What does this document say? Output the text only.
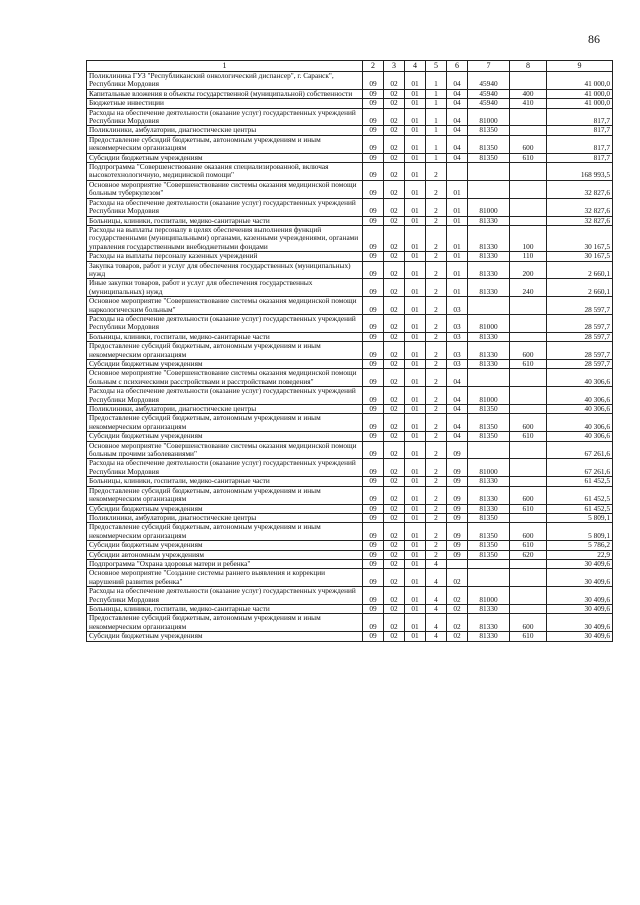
86
1	2	3	4	5	6	7	8	9
Поликлиника ГУЗ "Республиканский онкологический диспансер", г. Саранск", Республики Мордовия	09	02	01	1	04	45940		41 000,0
Капитальные вложения в объекты государственной (муниципальной) собственности	09	02	01	1	04	45940	400	41 000,0
Бюджетные инвестиции	09	02	01	1	04	45940	410	41 000,0
Расходы на обеспечение деятельности (оказание услуг) государственных учреждений Республики Мордовия	09	02	01	1	04	81000		817,7
Поликлиники, амбулатории, диагностические центры	09	02	01	1	04	81350		817,7
Предоставление субсидий бюджетным, автономным учреждениям и иным некоммерческим организациям	09	02	01	1	04	81350	600	817,7
Субсидии бюджетным учреждениям	09	02	01	1	04	81350	610	817,7
Подпрограмма "Совершенствование оказания специализированной, включая высокотехнологичную, медицинской помощи"	09	02	01	2				168 993,5
Основное мероприятие "Совершенствование системы оказания медицинской помощи больным туберкулезом"	09	02	01	2	01			32 827,6
Расходы на обеспечение деятельности (оказание услуг) государственных учреждений Республики Мордовия	09	02	01	2	01	81000		32 827,6
Больницы, клиники, госпитали, медико-санитарные части	09	02	01	2	01	81330		32 827,6
Расходы на выплаты персоналу в целях обеспечения выполнения функций государственными (муниципальными) органами, казенными учреждениями, органами управления государственными внебюджетными фондами	09	02	01	2	01	81330	100	30 167,5
Расходы на выплаты персоналу казенных учреждений	09	02	01	2	01	81330	110	30 167,5
Закупка товаров, работ и услуг для обеспечения государственных (муниципальных) нужд	09	02	01	2	01	81330	200	2 660,1
Иные закупки товаров, работ и услуг для обеспечения государственных (муниципальных) нужд	09	02	01	2	01	81330	240	2 660,1
Основное мероприятие "Совершенствование системы оказания медицинской помощи наркологическим больным"	09	02	01	2	03			28 597,7
Расходы на обеспечение деятельности (оказание услуг) государственных учреждений Республики Мордовия	09	02	01	2	03	81000		28 597,7
Больницы, клиники, госпитали, медико-санитарные части	09	02	01	2	03	81330		28 597,7
Предоставление субсидий бюджетным, автономным учреждениям и иным некоммерческим организациям	09	02	01	2	03	81330	600	28 597,7
Субсидии бюджетным учреждениям	09	02	01	2	03	81330	610	28 597,7
Основное мероприятие "Совершенствование системы оказания медицинской помощи больным с психическими расстройствами и расстройствами поведения"	09	02	01	2	04			40 306,6
Расходы на обеспечение деятельности (оказание услуг) государственных учреждений Республики Мордовия	09	02	01	2	04	81000		40 306,6
Поликлиники, амбулатории, диагностические центры	09	02	01	2	04	81350		40 306,6
Предоставление субсидий бюджетным, автономным учреждениям и иным некоммерческим организациям	09	02	01	2	04	81350	600	40 306,6
Субсидии бюджетным учреждениям	09	02	01	2	04	81350	610	40 306,6
Основное мероприятие "Совершенствование системы оказания медицинской помощи больным прочими заболеваниями"	09	02	01	2	09			67 261,6
Расходы на обеспечение деятельности (оказание услуг) государственных учреждений Республики Мордовия	09	02	01	2	09	81000		67 261,6
Больницы, клиники, госпитали, медико-санитарные части	09	02	01	2	09	81330		61 452,5
Предоставление субсидий бюджетным, автономным учреждениям и иным некоммерческим организациям	09	02	01	2	09	81330	600	61 452,5
Субсидии бюджетным учреждениям	09	02	01	2	09	81330	610	61 452,5
Поликлиники, амбулатории, диагностические центры	09	02	01	2	09	81350		5 809,1
Предоставление субсидий бюджетным, автономным учреждениям и иным некоммерческим организациям	09	02	01	2	09	81350	600	5 809,1
Субсидии бюджетным учреждениям	09	02	01	2	09	81350	610	5 786,2
Субсидии автономным учреждениям	09	02	01	2	09	81350	620	22,9
Подпрограмма "Охрана здоровья матери и ребенка"	09	02	01	4				30 409,6
Основное мероприятие "Создание системы раннего выявления и коррекции нарушений развития ребенка"	09	02	01	4	02			30 409,6
Расходы на обеспечение деятельности (оказание услуг) государственных учреждений Республики Мордовия	09	02	01	4	02	81000		30 409,6
Больницы, клиники, госпитали, медико-санитарные части	09	02	01	4	02	81330		30 409,6
Предоставление субсидий бюджетным, автономным учреждениям и иным некоммерческим организациям	09	02	01	4	02	81330	600	30 409,6
Субсидии бюджетным учреждениям	09	02	01	4	02	81330	610	30 409,6
